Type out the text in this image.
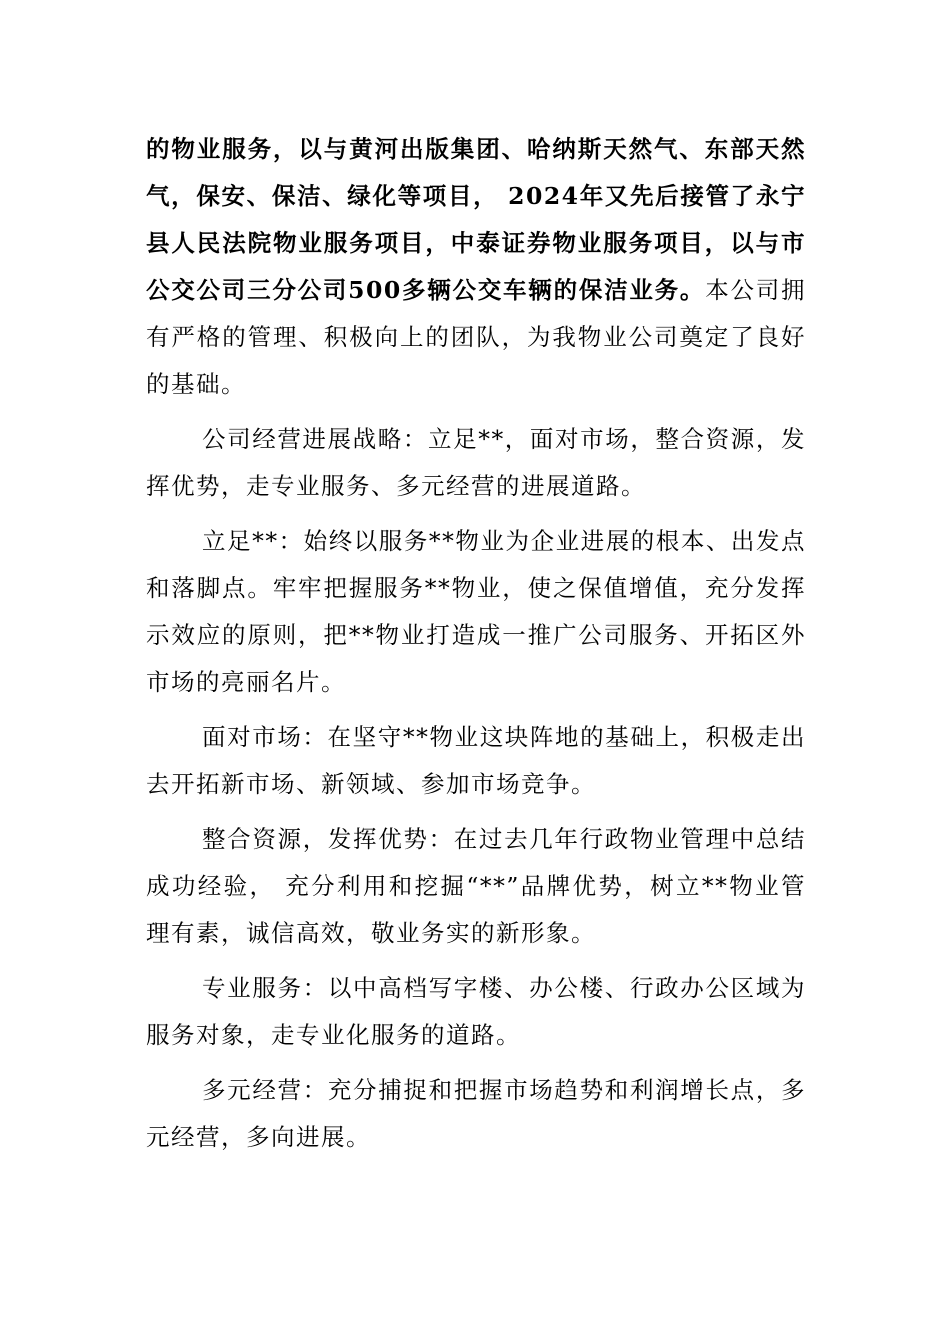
的物业服务，以与黄河出版集团、哈纳斯天然气、东部天然气，保安、保洁、绿化等项目， 2024年又先后接管了永宁县人民法院物业服务项目，中泰证券物业服务项目，以与市公交公司三分公司500多辆公交车辆的保洁业务。本公司拥有严格的管理、积极向上的团队，为我物业公司奠定了良好的基础。

公司经营进展战略：立足**，面对市场，整合资源，发挥优势，走专业服务、多元经营的进展道路。

立足**：始终以服务**物业为企业进展的根本、出发点和落脚点。牢牢把握服务**物业，使之保值增值，充分发挥示效应的原则，把**物业打造成一推广公司服务、开拓区外市场的亮丽名片。

面对市场：在坚守**物业这块阵地的基础上，积极走出去开拓新市场、新领域、参加市场竞争。

整合资源，发挥优势：在过去几年行政物业管理中总结成功经验， 充分利用和挖掘“**”品牌优势，树立**物业管理有素，诚信高效，敬业务实的新形象。

专业服务：以中高档写字楼、办公楼、行政办公区域为服务对象，走专业化服务的道路。

多元经营：充分捕捉和把握市场趋势和利润增长点，多元经营，多向进展。
